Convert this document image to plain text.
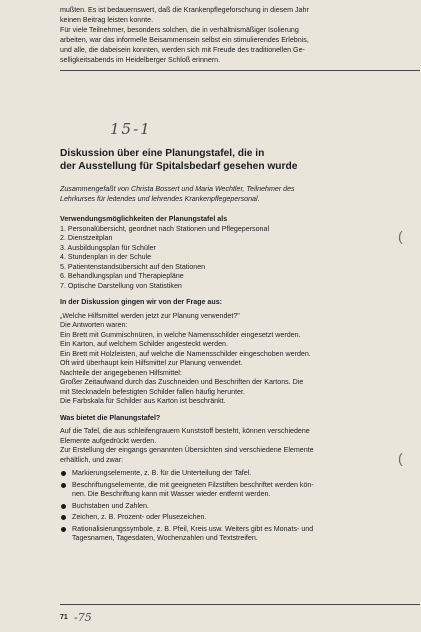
mußten. Es ist bedauernswert, daß die Krankenpflegeforschung in diesem Jahr

keinen Beitrag leisten konnte.

Für viele Teilnehmer, besonders solchen, die in verhältnismäßiger Isolierung

arbeiten, war das informelle Beisammensein selbst ein stimulierendes Erlebnis,

und alle, die dabeisein konnten, werden sich mit Freude des traditionellen Ge-

selligkeitsabends im Heidelberger Schloß erinnern.

15-1
Diskussion über eine Planungstafel, die in
der Ausstellung für Spitalsbedarf gesehen wurde
Zusammengefaßt von Christa Bossert und Maria Wechtler, Teilnehmer des
Lehrkurses für leitendes und lehrendes Krankenpflegepersonal.

Verwendungsmöglichkeiten der Planungstafel als

1. Personalübersicht, geordnet nach Stationen und Pflegepersonal
2. Dienstzeitplan
3. Ausbildungsplan für Schüler
4. Stundenplan in der Schule
5. Patientenstandsübersicht auf den Stationen
6. Behandlungsplan und Therapiepläne
7. Optische Darstellung von Statistiken

In der Diskussion gingen wir von der Frage aus:

„Welche Hilfsmittel werden jetzt zur Planung verwendet?"

Die Antworten waren:

Ein Brett mit Gummischnüren, in welche Namensschilder eingesetzt werden.

Ein Karton, auf welchem Schilder angesteckt werden.

Ein Brett mit Holzleisten, auf welche die Namensschilder eingeschoben werden.

Oft wird überhaupt kein Hilfsmittel zur Planung verwendet.

Nachteile der angegebenen Hilfsmittel:

Großer Zeitaufwand durch das Zuschneiden und Beschriften der Kartons. Die

mit Stecknadeln befestigten Schilder fallen häufig herunter.

Die Farbskala für Schilder aus Karton ist beschränkt.

Was bietet die Planungstafel?

Auf die Tafel, die aus schleifengrauem Kunststoff besteht, können verschiedene

Elemente aufgedrückt werden.

Zur Erstellung der eingangs genannten Übersichten sind verschiedene Elemente

erhältlich, und zwar:

Markierungselemente, z. B. für die Unterteilung der Tafel.
Beschriftungselemente, die mit geeigneten Filzstiften beschriftet werden kön-
nen. Die Beschriftung kann mit Wasser wieder entfernt werden.
Buchstaben und Zahlen.
Zeichen, z. B. Prozent- oder Plusezeichen.
Rationalisierungssymbole, z. B. Pfeil, Kreis usw. Weiters gibt es Monats- und
Tagesnamen, Tagesdaten, Wochenzahlen und Textstreifen.
(
(
71 -75
